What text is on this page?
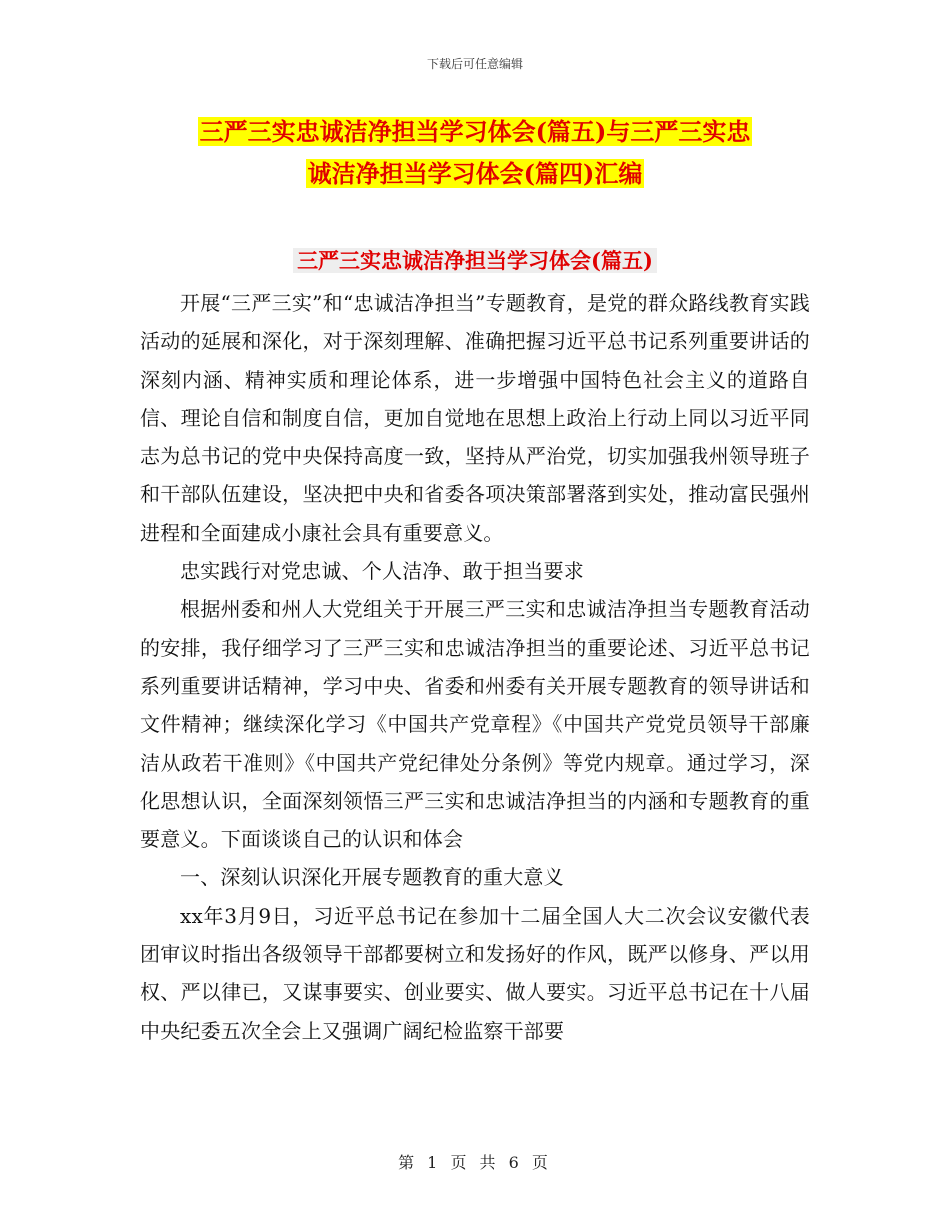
下载后可任意编辑
三严三实忠诚洁净担当学习体会(篇五)与三严三实忠
诚洁净担当学习体会(篇四)汇编
三严三实忠诚洁净担当学习体会(篇五)

开展“三严三实”和“忠诚洁净担当”专题教育，是党的群众路线教育实践活动的延展和深化，对于深刻理解、准确把握习近平总书记系列重要讲话的深刻内涵、精神实质和理论体系，进一步增强中国特色社会主义的道路自信、理论自信和制度自信，更加自觉地在思想上政治上行动上同以习近平同志为总书记的党中央保持高度一致，坚持从严治党，切实加强我州领导班子和干部队伍建设，坚决把中央和省委各项决策部署落到实处，推动富民强州进程和全面建成小康社会具有重要意义。

忠实践行对党忠诚、个人洁净、敢于担当要求

根据州委和州人大党组关于开展三严三实和忠诚洁净担当专题教育活动的安排，我仔细学习了三严三实和忠诚洁净担当的重要论述、习近平总书记系列重要讲话精神，学习中央、省委和州委有关开展专题教育的领导讲话和文件精神；继续深化学习《中国共产党章程》《中国共产党党员领导干部廉洁从政若干准则》《中国共产党纪律处分条例》等党内规章。通过学习，深化思想认识，全面深刻领悟三严三实和忠诚洁净担当的内涵和专题教育的重要意义。下面谈谈自己的认识和体会

一、深刻认识深化开展专题教育的重大意义

xx年3月9日，习近平总书记在参加十二届全国人大二次会议安徽代表团审议时指出各级领导干部都要树立和发扬好的作风，既严以修身、严以用权、严以律已，又谋事要实、创业要实、做人要实。习近平总书记在十八届中央纪委五次全会上又强调广阔纪检监察干部要

第 1 页 共 6 页
